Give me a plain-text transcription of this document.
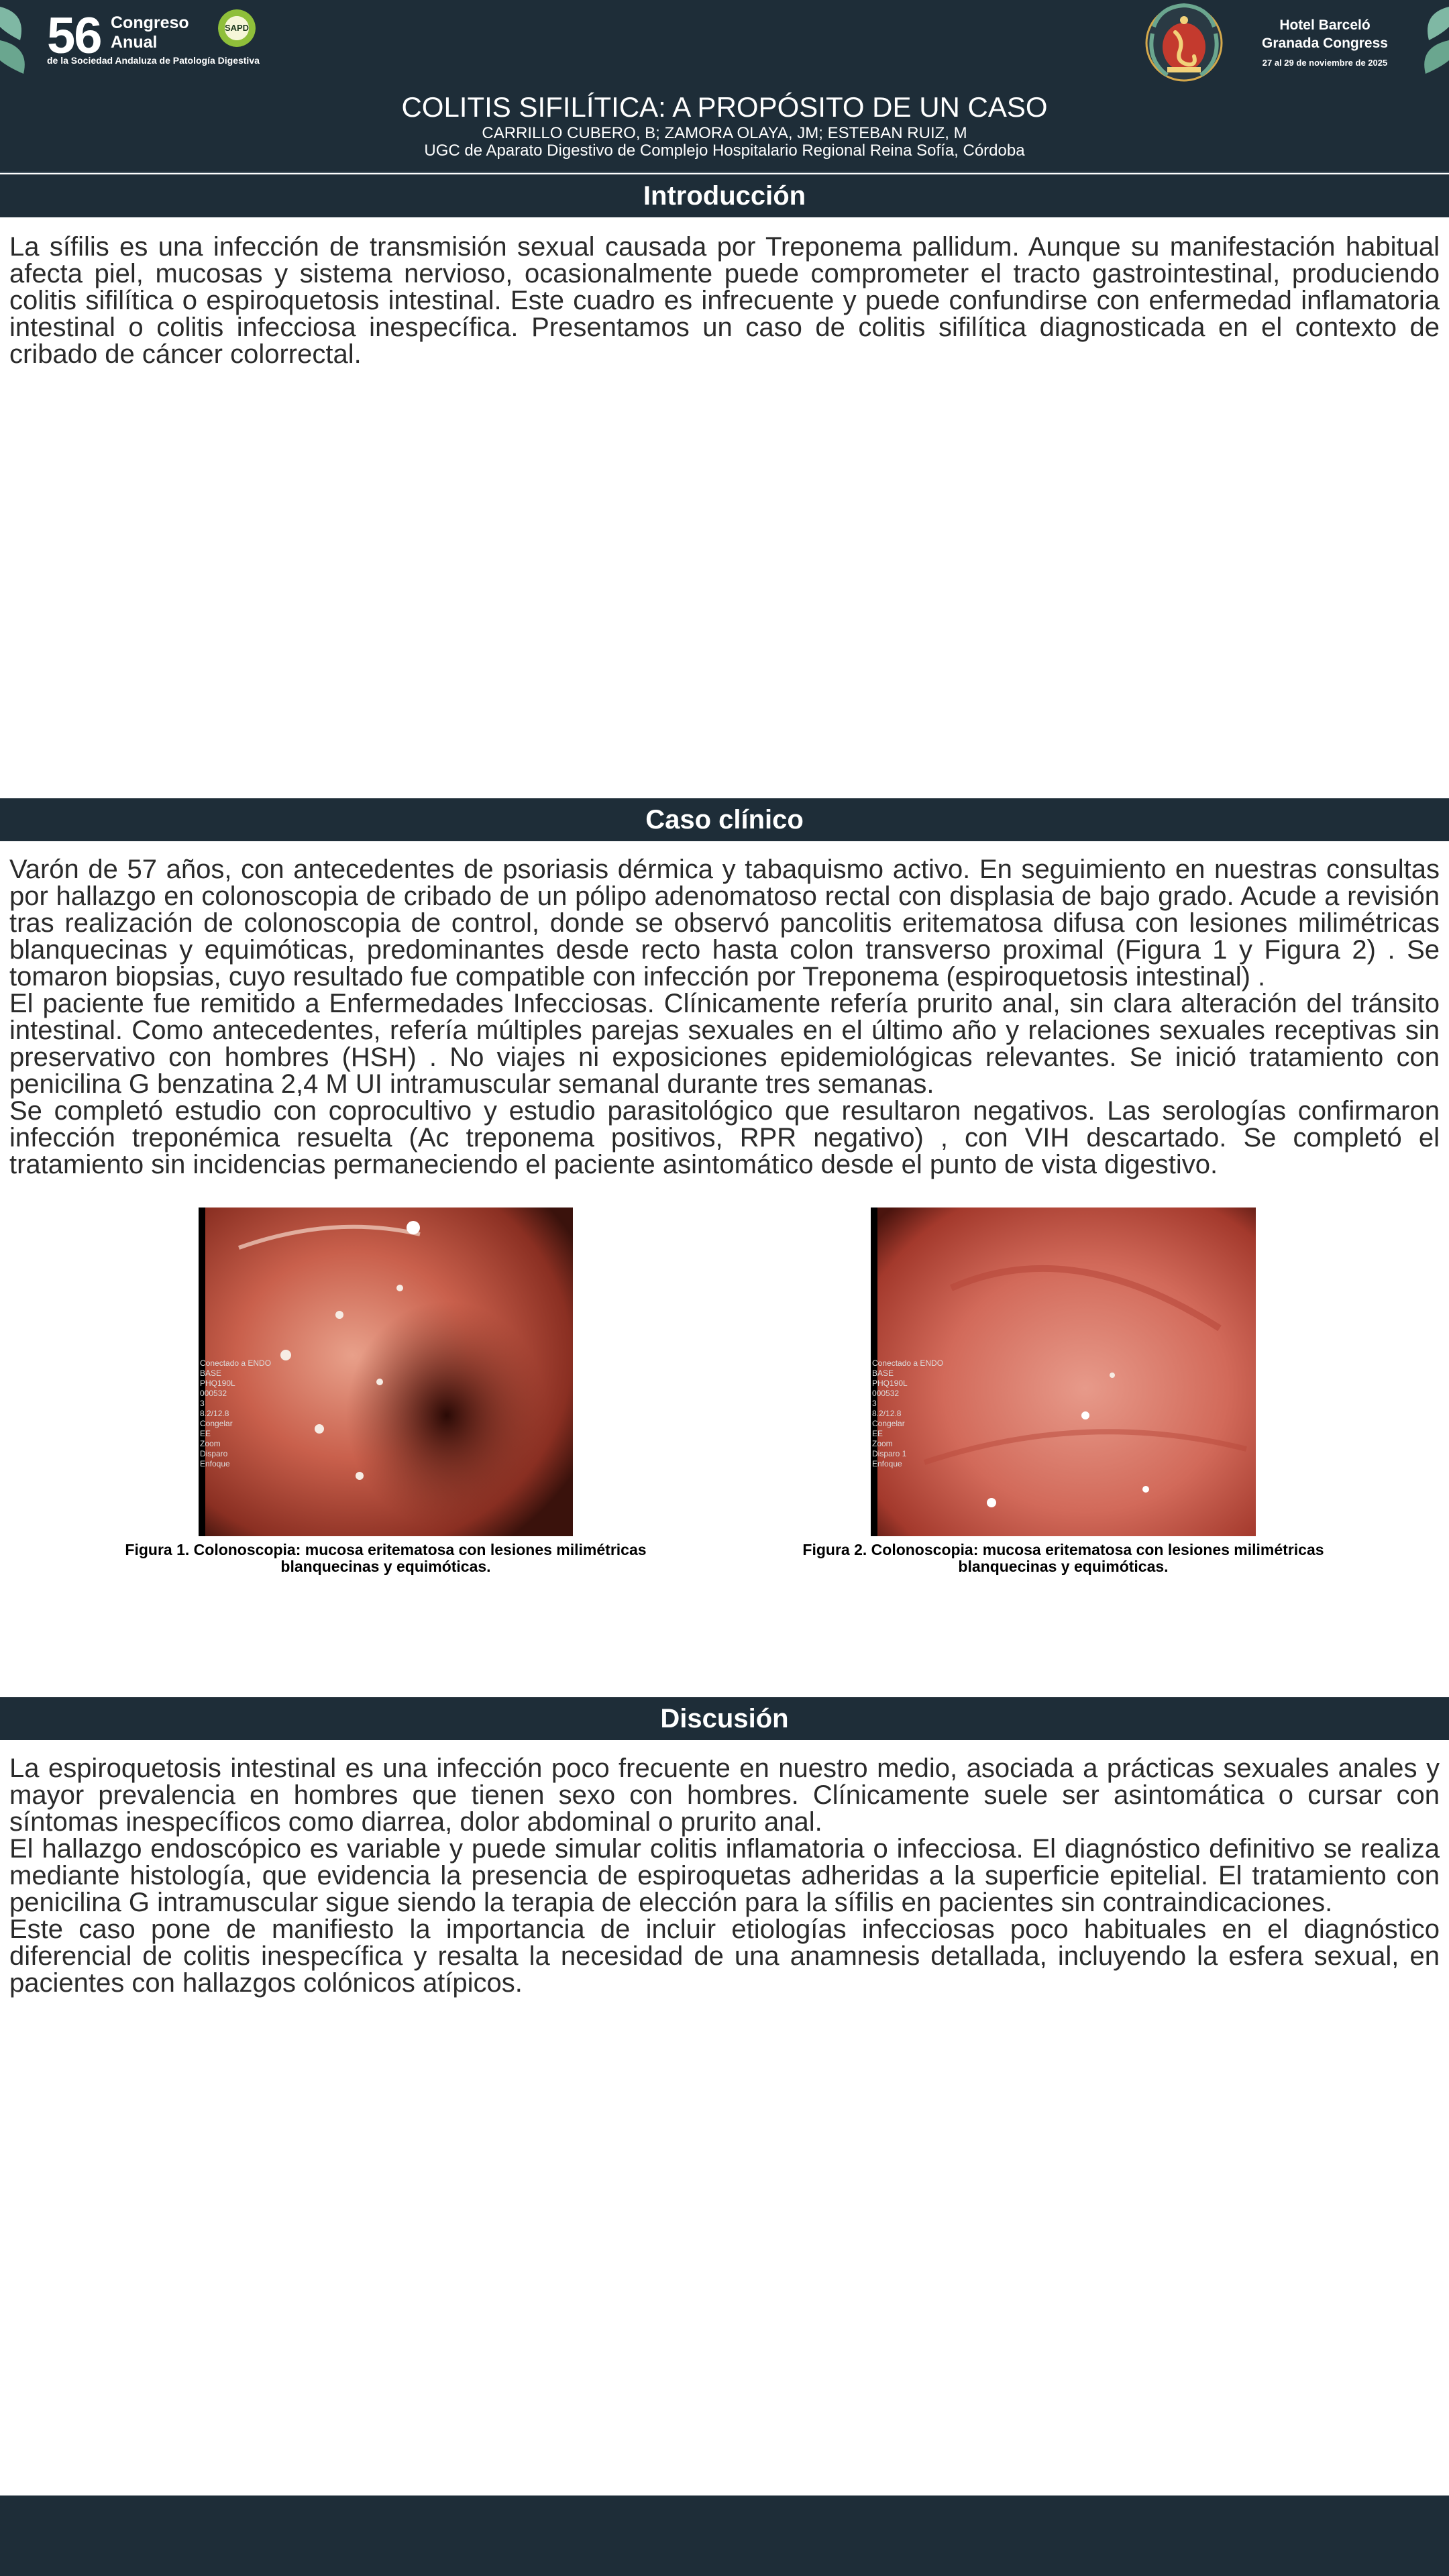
56 Congreso
Anual
de la Sociedad Andaluza de Patología Digestiva
SAPD	Hotel Barceló
Granada Congress
27 al 29 de noviembre de 2025
COLITIS SIFILÍTICA: A PROPÓSITO DE UN CASO
CARRILLO CUBERO, B; ZAMORA OLAYA, JM; ESTEBAN RUIZ, M
UGC de Aparato Digestivo de Complejo Hospitalario Regional Reina Sofía, Córdoba
Introducción

La sífilis es una infección de transmisión sexual causada por Treponema pallidum. Aunque su manifestación habitual afecta piel, mucosas y sistema nervioso, ocasionalmente puede comprometer el tracto gastrointestinal, produciendo colitis sifilítica o espiroquetosis intestinal. Este cuadro es infrecuente y puede confundirse con enfermedad inflamatoria intestinal o colitis infecciosa inespecífica. Presentamos un caso de colitis sifilítica diagnosticada en el contexto de cribado de cáncer colorrectal.

Caso clínico

Varón de 57 años, con antecedentes de psoriasis dérmica y tabaquismo activo. En seguimiento en nuestras consultas por hallazgo en colonoscopia de cribado de un pólipo adenomatoso rectal con displasia de bajo grado. Acude a revisión tras realización de colonoscopia de control, donde se observó pancolitis eritematosa difusa con lesiones milimétricas blanquecinas y equimóticas, predominantes desde recto hasta colon transverso proximal (Figura 1 y Figura 2) . Se tomaron biopsias, cuyo resultado fue compatible con infección por Treponema (espiroquetosis intestinal) .

El paciente fue remitido a Enfermedades Infecciosas. Clínicamente refería prurito anal, sin clara alteración del tránsito intestinal. Como antecedentes, refería múltiples parejas sexuales en el último año y relaciones sexuales receptivas sin preservativo con hombres (HSH) . No viajes ni exposiciones epidemiológicas relevantes. Se inició tratamiento con penicilina G benzatina 2,4 M UI intramuscular semanal durante tres semanas.

Se completó estudio con coprocultivo y estudio parasitológico que resultaron negativos. Las serologías confirmaron infección treponémica resuelta (Ac treponema positivos, RPR negativo) , con VIH descartado. Se completó el tratamiento sin incidencias permaneciendo el paciente asintomático desde el punto de vista digestivo.

Conectado a ENDO
BASE
PHQ190L
000532
3
8.2/12.8
Congelar
EE
Zoom
Disparo
Enfoque
Figura 1. Colonoscopia: mucosa eritematosa con lesiones milimétricas
blanquecinas y equimóticas.
Conectado a ENDO
BASE
PHQ190L
000532
3
8.2/12.8
Congelar
EE
Zoom
Disparo 1
Enfoque
Figura 2. Colonoscopia: mucosa eritematosa con lesiones milimétricas
blanquecinas y equimóticas.
Discusión

La espiroquetosis intestinal es una infección poco frecuente en nuestro medio, asociada a prácticas sexuales anales y mayor prevalencia en hombres que tienen sexo con hombres. Clínicamente suele ser asintomática o cursar con síntomas inespecíficos como diarrea, dolor abdominal o prurito anal.

El hallazgo endoscópico es variable y puede simular colitis inflamatoria o infecciosa. El diagnóstico definitivo se realiza mediante histología, que evidencia la presencia de espiroquetas adheridas a la superficie epitelial. El tratamiento con penicilina G intramuscular sigue siendo la terapia de elección para la sífilis en pacientes sin contraindicaciones.

Este caso pone de manifiesto la importancia de incluir etiologías infecciosas poco habituales en el diagnóstico diferencial de colitis inespecífica y resalta la necesidad de una anamnesis detallada, incluyendo la esfera sexual, en pacientes con hallazgos colónicos atípicos.
